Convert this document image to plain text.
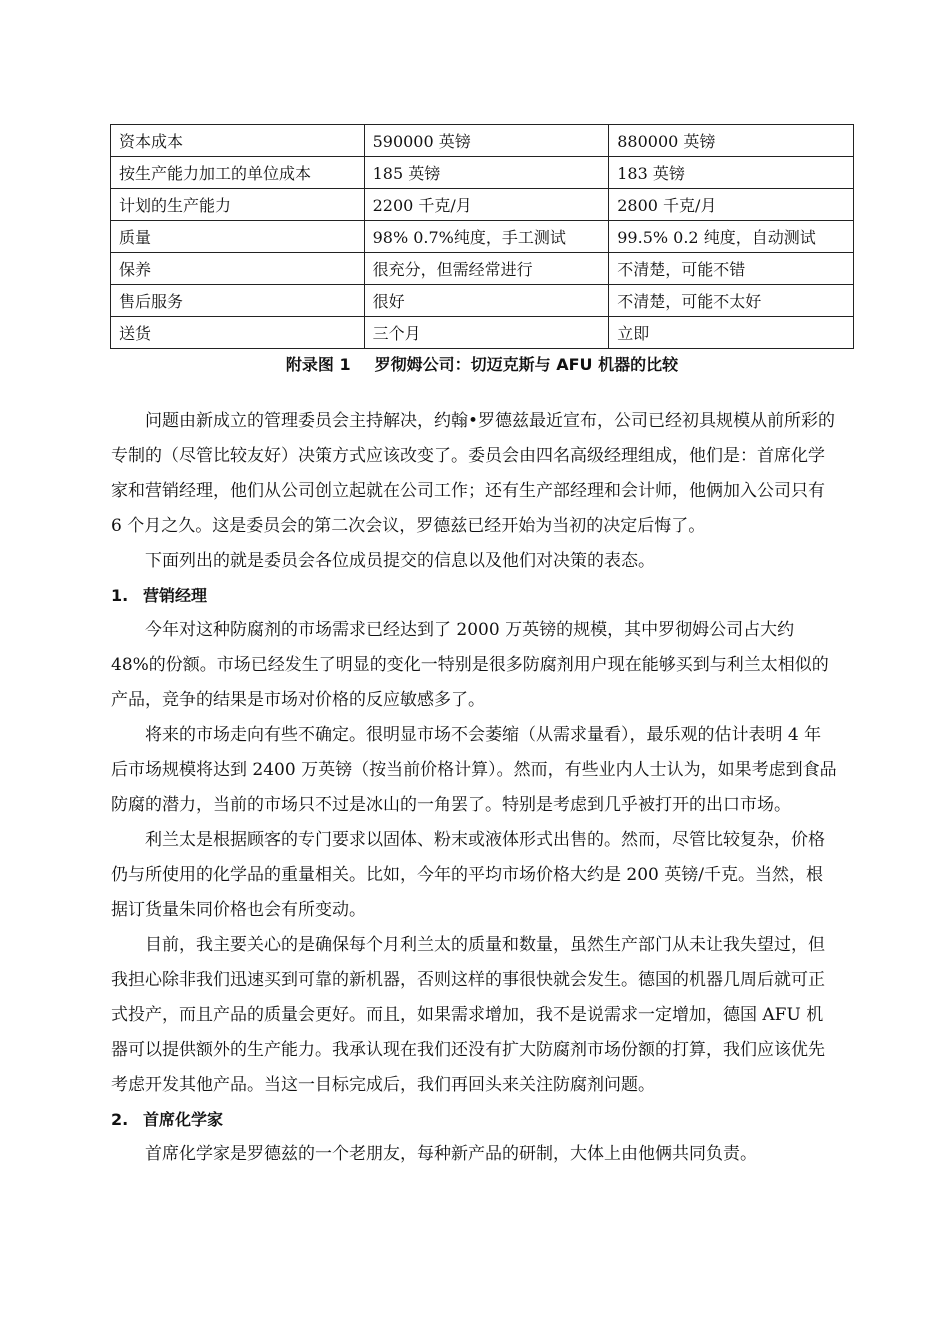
资本成本	590000 英镑	880000 英镑
按生产能力加工的单位成本	185 英镑	183 英镑
计划的生产能力	2200 千克/月	2800 千克/月
质量	98% 0.7%纯度，手工测试	99.5% 0.2 纯度，自动测试
保养	很充分，但需经常进行	不清楚，可能不错
售后服务	很好	不清楚，可能不太好
送货	三个月	立即
附录图 1 罗彻姆公司：切迈克斯与 AFU 机器的比较

问题由新成立的管理委员会主持解决，约翰•罗德兹最近宣布，公司已经初具规模从前所彩的专制的（尽管比较友好）决策方式应该改变了。委员会由四名高级经理组成，他们是：首席化学家和营销经理，他们从公司创立起就在公司工作；还有生产部经理和会计师，他俩加入公司只有 6 个月之久。这是委员会的第二次会议，罗德兹已经开始为当初的决定后悔了。

下面列出的就是委员会各位成员提交的信息以及他们对决策的表态。

1. 营销经理

今年对这种防腐剂的市场需求已经达到了 2000 万英镑的规模，其中罗彻姆公司占大约 48%的份额。市场已经发生了明显的变化一特别是很多防腐剂用户现在能够买到与利兰太相似的产品，竞争的结果是市场对价格的反应敏感多了。

将来的市场走向有些不确定。很明显市场不会萎缩（从需求量看），最乐观的估计表明 4 年后市场规模将达到 2400 万英镑（按当前价格计算）。然而，有些业内人士认为，如果考虑到食品防腐的潜力，当前的市场只不过是冰山的一角罢了。特别是考虑到几乎被打开的出口市场。

利兰太是根据顾客的专门要求以固体、粉末或液体形式出售的。然而，尽管比较复杂，价格仍与所使用的化学品的重量相关。比如，今年的平均市场价格大约是 200 英镑/千克。当然，根据订货量朱同价格也会有所变动。

目前，我主要关心的是确保每个月利兰太的质量和数量，虽然生产部门从未让我失望过，但我担心除非我们迅速买到可靠的新机器，否则这样的事很快就会发生。德国的机器几周后就可正式投产，而且产品的质量会更好。而且，如果需求增加，我不是说需求一定增加，德国 AFU 机器可以提供额外的生产能力。我承认现在我们还没有扩大防腐剂市场份额的打算，我们应该优先考虑开发其他产品。当这一目标完成后，我们再回头来关注防腐剂问题。

2. 首席化学家

首席化学家是罗德兹的一个老朋友，每种新产品的研制，大体上由他俩共同负责。
